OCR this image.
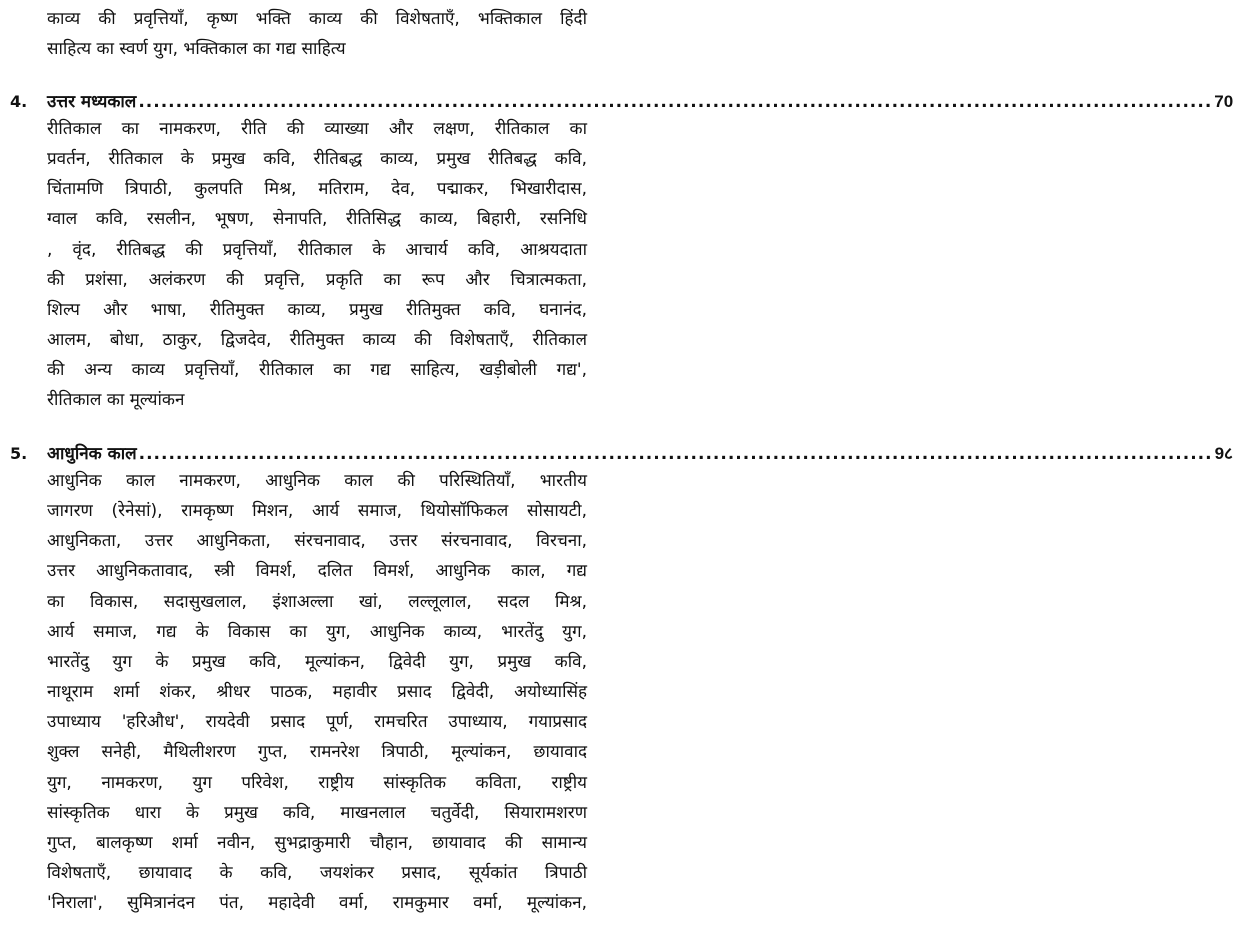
काव्य की प्रवृत्तियाँ, कृष्ण भक्ति काव्य की विशेषताएँ, भक्तिकाल हिंदी
साहित्य का स्वर्ण युग, भक्तिकाल का गद्य साहित्य
4. उत्तर मध्यकाल ................................................................................................................................................ 70
रीतिकाल का नामकरण, रीति की व्याख्या और लक्षण, रीतिकाल का
प्रवर्तन, रीतिकाल के प्रमुख कवि, रीतिबद्ध काव्य, प्रमुख रीतिबद्ध कवि,
चिंतामणि त्रिपाठी, कुलपति मिश्र, मतिराम, देव, पद्माकर, भिखारीदास,
ग्वाल कवि, रसलीन, भूषण, सेनापति, रीतिसिद्ध काव्य, बिहारी, रसनिधि
, वृंद, रीतिबद्ध की प्रवृत्तियाँ, रीतिकाल के आचार्य कवि, आश्रयदाता
की प्रशंसा, अलंकरण की प्रवृत्ति, प्रकृति का रूप और चित्रात्मकता,
शिल्प और भाषा, रीतिमुक्त काव्य, प्रमुख रीतिमुक्त कवि, घनानंद,
आलम, बोधा, ठाकुर, द्विजदेव, रीतिमुक्त काव्य की विशेषताएँ, रीतिकाल
की अन्य काव्य प्रवृत्तियाँ, रीतिकाल का गद्य साहित्य, खड़ीबोली गद्य',
रीतिकाल का मूल्यांकन
5. आधुनिक काल ................................................................................................................................................ 9८
आधुनिक काल नामकरण, आधुनिक काल की परिस्थितियाँ, भारतीय
जागरण (रेनेसां), रामकृष्ण मिशन, आर्य समाज, थियोसॉफिकल सोसायटी,
आधुनिकता, उत्तर आधुनिकता, संरचनावाद, उत्तर संरचनावाद, विरचना,
उत्तर आधुनिकतावाद, स्त्री विमर्श, दलित विमर्श, आधुनिक काल, गद्य
का विकास, सदासुखलाल, इंशाअल्ला खां, लल्लूलाल, सदल मिश्र,
आर्य समाज, गद्य के विकास का युग, आधुनिक काव्य, भारतेंदु युग,
भारतेंदु युग के प्रमुख कवि, मूल्यांकन, द्विवेदी युग, प्रमुख कवि,
नाथूराम शर्मा शंकर, श्रीधर पाठक, महावीर प्रसाद द्विवेदी, अयोध्यासिंह
उपाध्याय 'हरिऔध', रायदेवी प्रसाद पूर्ण, रामचरित उपाध्याय, गयाप्रसाद
शुक्ल सनेही, मैथिलीशरण गुप्त, रामनरेश त्रिपाठी, मूल्यांकन, छायावाद
युग, नामकरण, युग परिवेश, राष्ट्रीय सांस्कृतिक कविता, राष्ट्रीय
सांस्कृतिक धारा के प्रमुख कवि, माखनलाल चतुर्वेदी, सियारामशरण
गुप्त, बालकृष्ण शर्मा नवीन, सुभद्राकुमारी चौहान, छायावाद की सामान्य
विशेषताएँ, छायावाद के कवि, जयशंकर प्रसाद, सूर्यकांत त्रिपाठी
'निराला', सुमित्रानंदन पंत, महादेवी वर्मा, रामकुमार वर्मा, मूल्यांकन,
